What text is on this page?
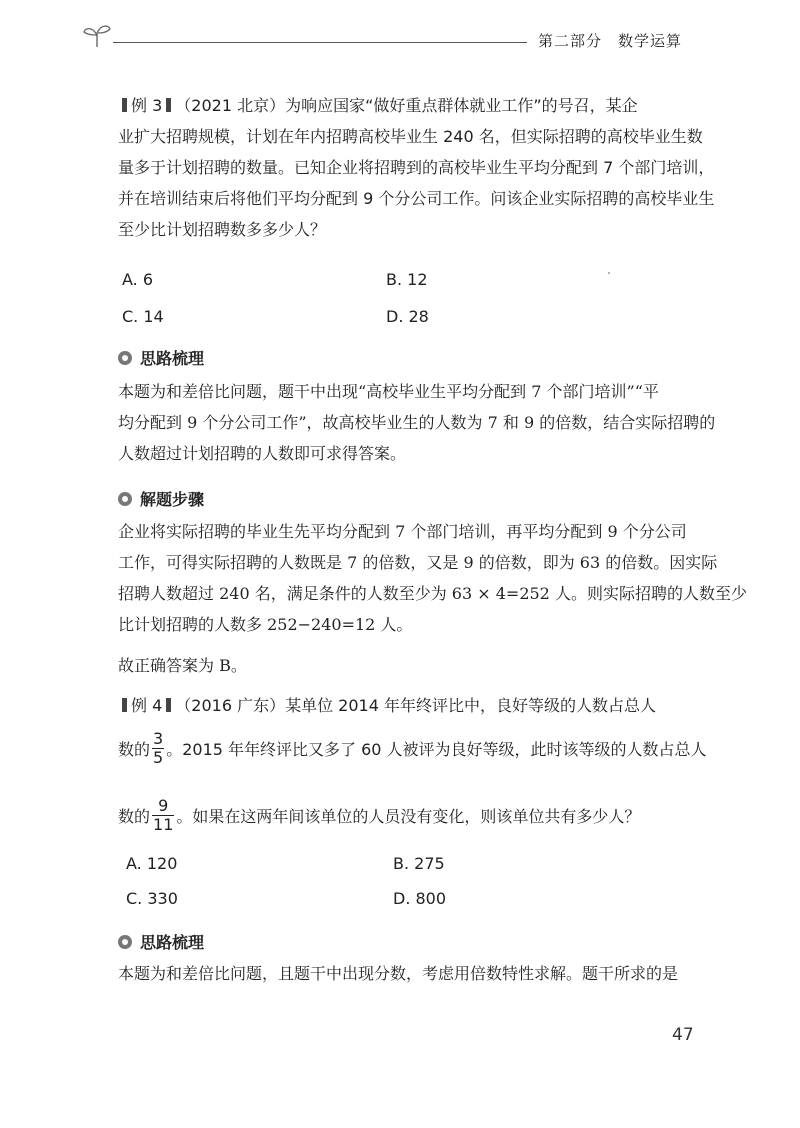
第二部分　数学运算
例 3 （2021 北京）为响应国家“做好重点群体就业工作”的号召，某企
业扩大招聘规模，计划在年内招聘高校毕业生 240 名，但实际招聘的高校毕业生数
量多于计划招聘的数量。已知企业将招聘到的高校毕业生平均分配到 7 个部门培训，
并在培训结束后将他们平均分配到 9 个分公司工作。问该企业实际招聘的高校毕业生
至少比计划招聘数多多少人？
A. 6	B. 12
C. 14	D. 28
思路梳理
本题为和差倍比问题，题干中出现“高校毕业生平均分配到 7 个部门培训”“平
均分配到 9 个分公司工作”，故高校毕业生的人数为 7 和 9 的倍数，结合实际招聘的
人数超过计划招聘的人数即可求得答案。
解题步骤
企业将实际招聘的毕业生先平均分配到 7 个部门培训，再平均分配到 9 个分公司
工作，可得实际招聘的人数既是 7 的倍数，又是 9 的倍数，即为 63 的倍数。因实际
招聘人数超过 240 名，满足条件的人数至少为 63 × 4=252 人。则实际招聘的人数至少
比计划招聘的人数多 252−240=12 人。
故正确答案为 B。
例 4 （2016 广东）某单位 2014 年年终评比中，良好等级的人数占总人
数的 $\frac{3}{5}$ 。2015 年年终评比又多了 60 人被评为良好等级，此时该等级的人数占总人
数的 $\frac{9}{11}$ 。如果在这两年间该单位的人员没有变化，则该单位共有多少人？
A. 120	B. 275
C. 330	D. 800
思路梳理
本题为和差倍比问题，且题干中出现分数，考虑用倍数特性求解。题干所求的是
47
